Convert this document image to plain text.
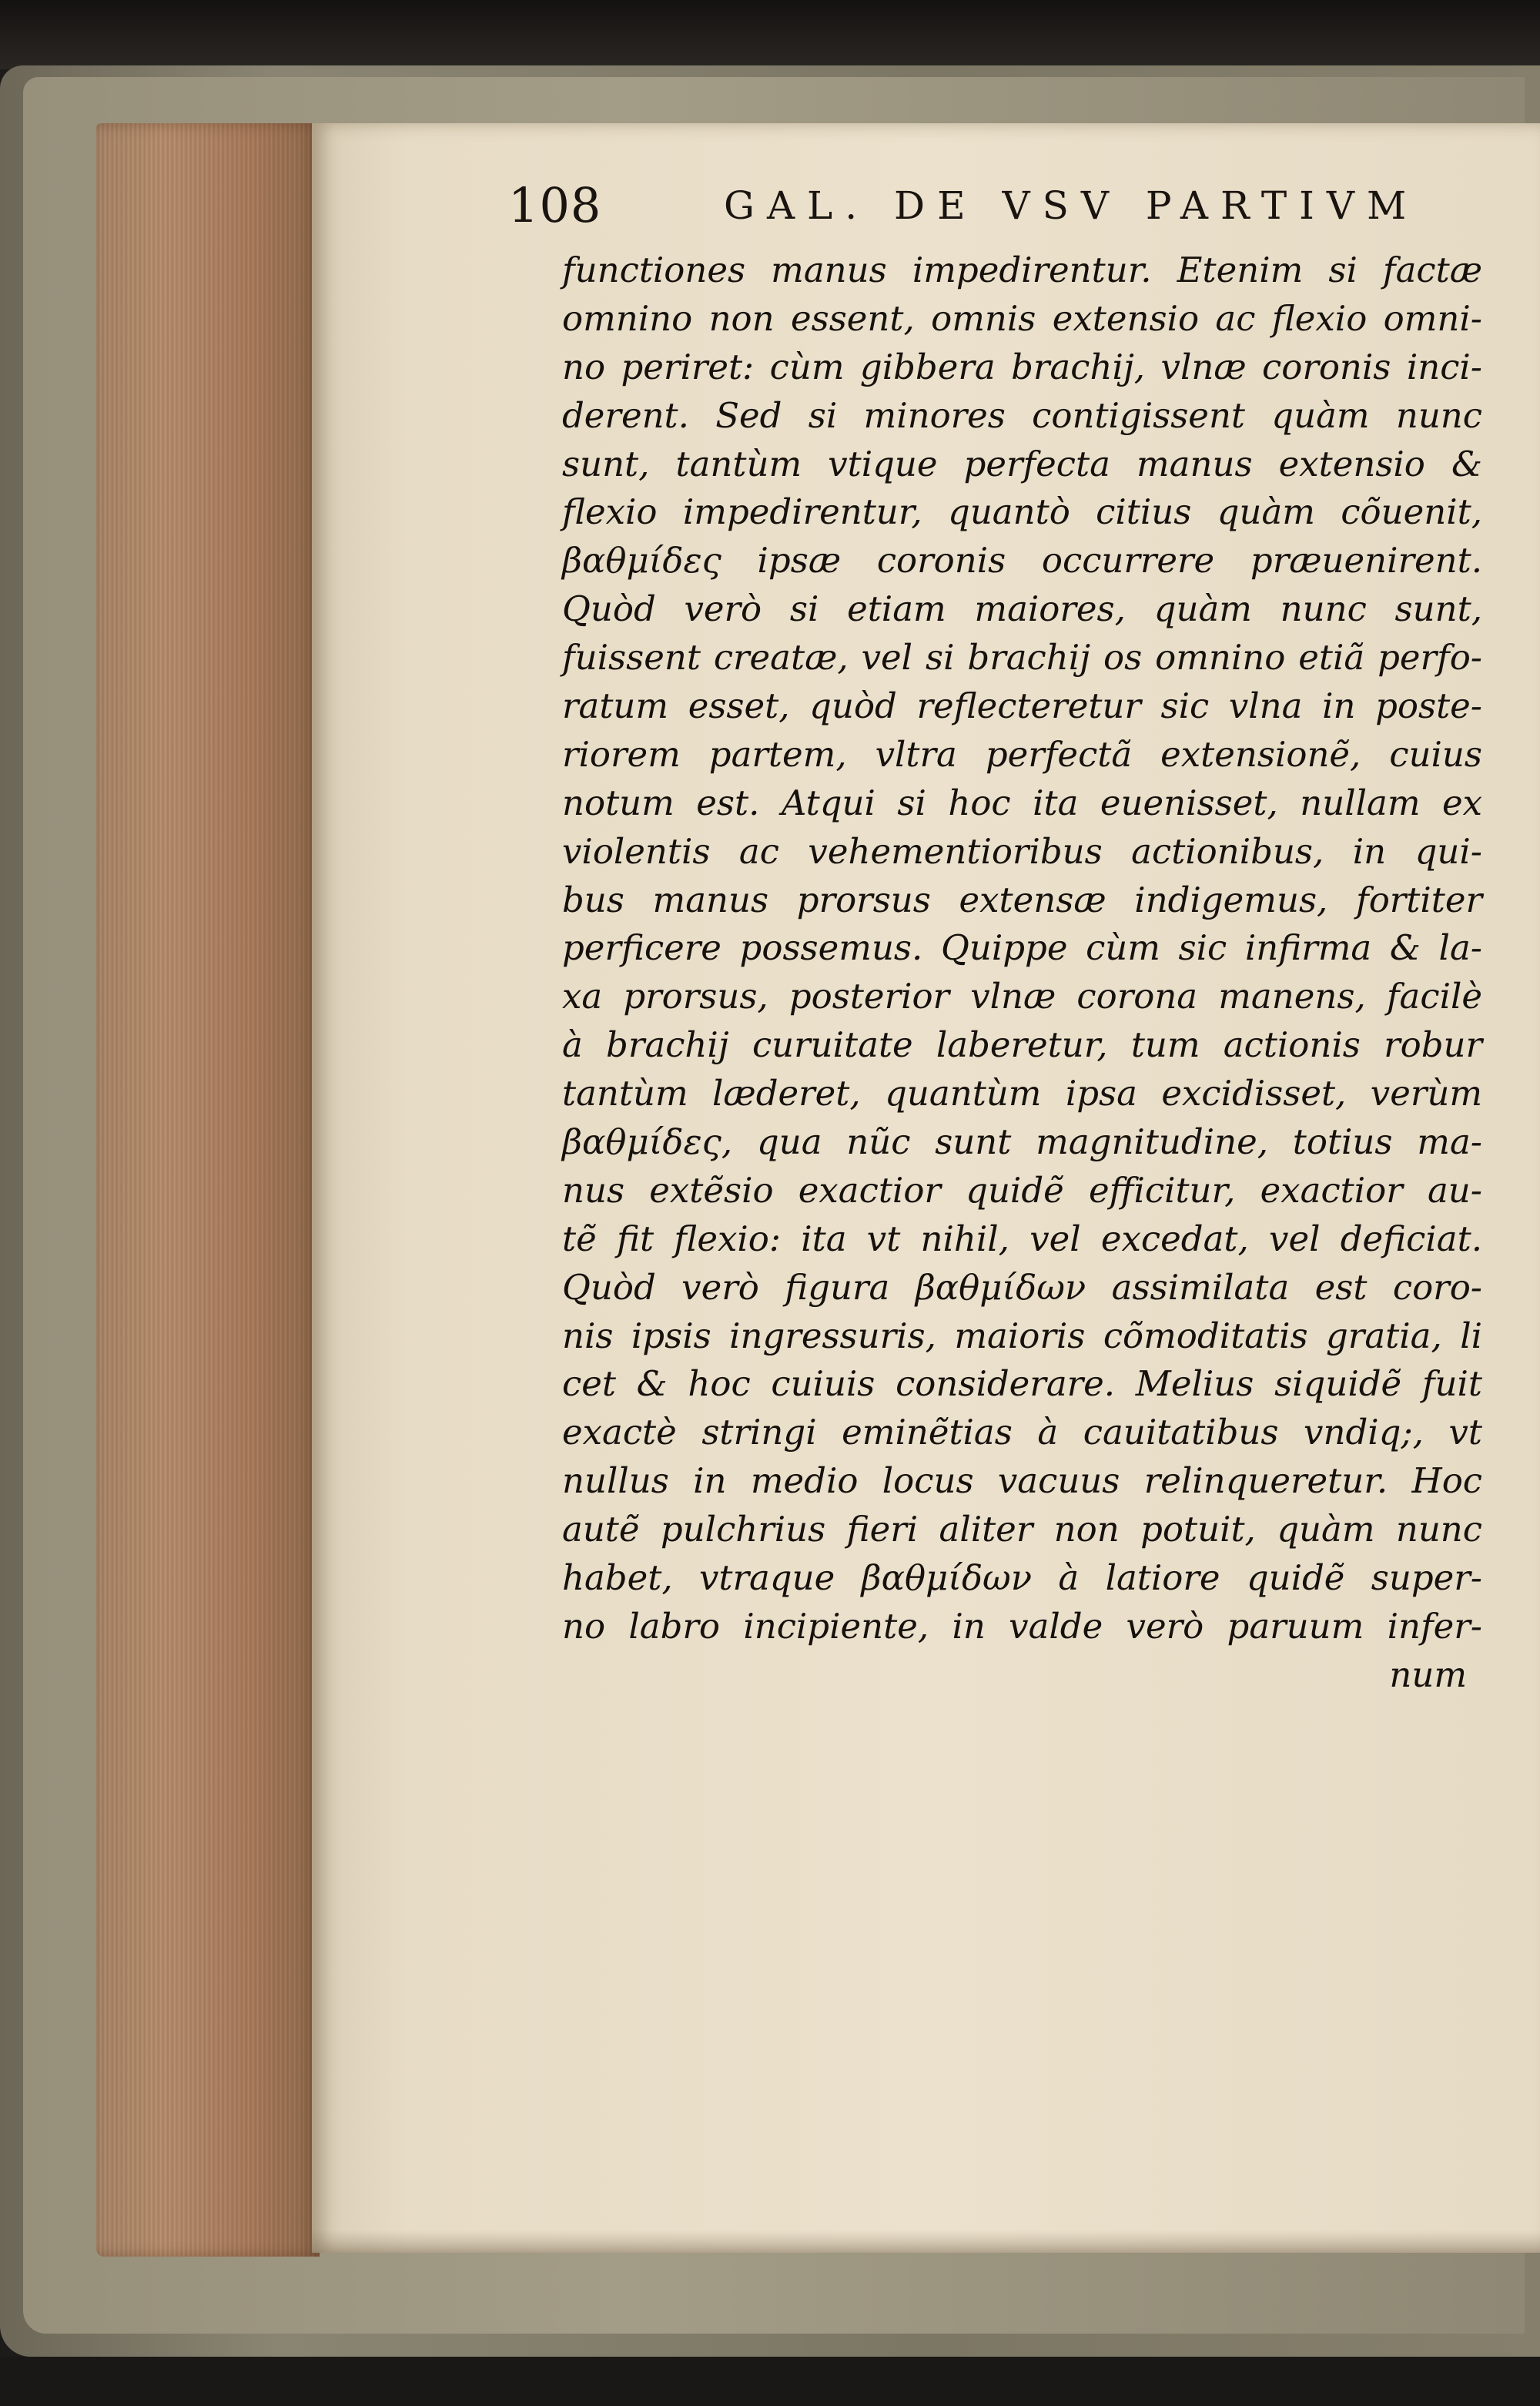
108	GAL. DE VSV PARTIVM
functiones manus impedirentur. Etenim si factæ
omnino non essent, omnis extensio ac flexio omni-
no periret: cùm gibbera brachij, vlnæ coronis inci-
derent. Sed si minores contigissent quàm nunc
sunt, tantùm vtique perfecta manus extensio &
flexio impedirentur, quantò citius quàm cõuenit,
βαθμίδες ipsæ coronis occurrere præuenirent.
Quòd verò si etiam maiores, quàm nunc sunt,
fuissent creatæ, vel si brachij os omnino etiã perfo-
ratum esset, quòd reflecteretur sic vlna in poste-
riorem partem, vltra perfectã extensionẽ, cuius
notum est. Atqui si hoc ita euenisset, nullam ex
violentis ac vehementioribus actionibus, in qui-
bus manus prorsus extensæ indigemus, fortiter
perficere possemus. Quippe cùm sic infirma & la-
xa prorsus, posterior vlnæ corona manens, facilè
à brachij curuitate laberetur, tum actionis robur
tantùm læderet, quantùm ipsa excidisset, verùm
βαθμίδες, qua nũc sunt magnitudine, totius ma-
nus extẽsio exactior quidẽ efficitur, exactior au-
tẽ fit flexio: ita vt nihil, vel excedat, vel deficiat.
Quòd verò figura βαθμίδων assimilata est coro-
nis ipsis ingressuris, maioris cõmoditatis gratia, li
cet & hoc cuiuis considerare. Melius siquidẽ fuit
exactè stringi eminẽtias à cauitatibus vndiq;, vt
nullus in medio locus vacuus relinqueretur. Hoc
autẽ pulchrius fieri aliter non potuit, quàm nunc
habet, vtraque βαθμίδων à latiore quidẽ super-
no labro incipiente, in valde verò paruum infer-
num
